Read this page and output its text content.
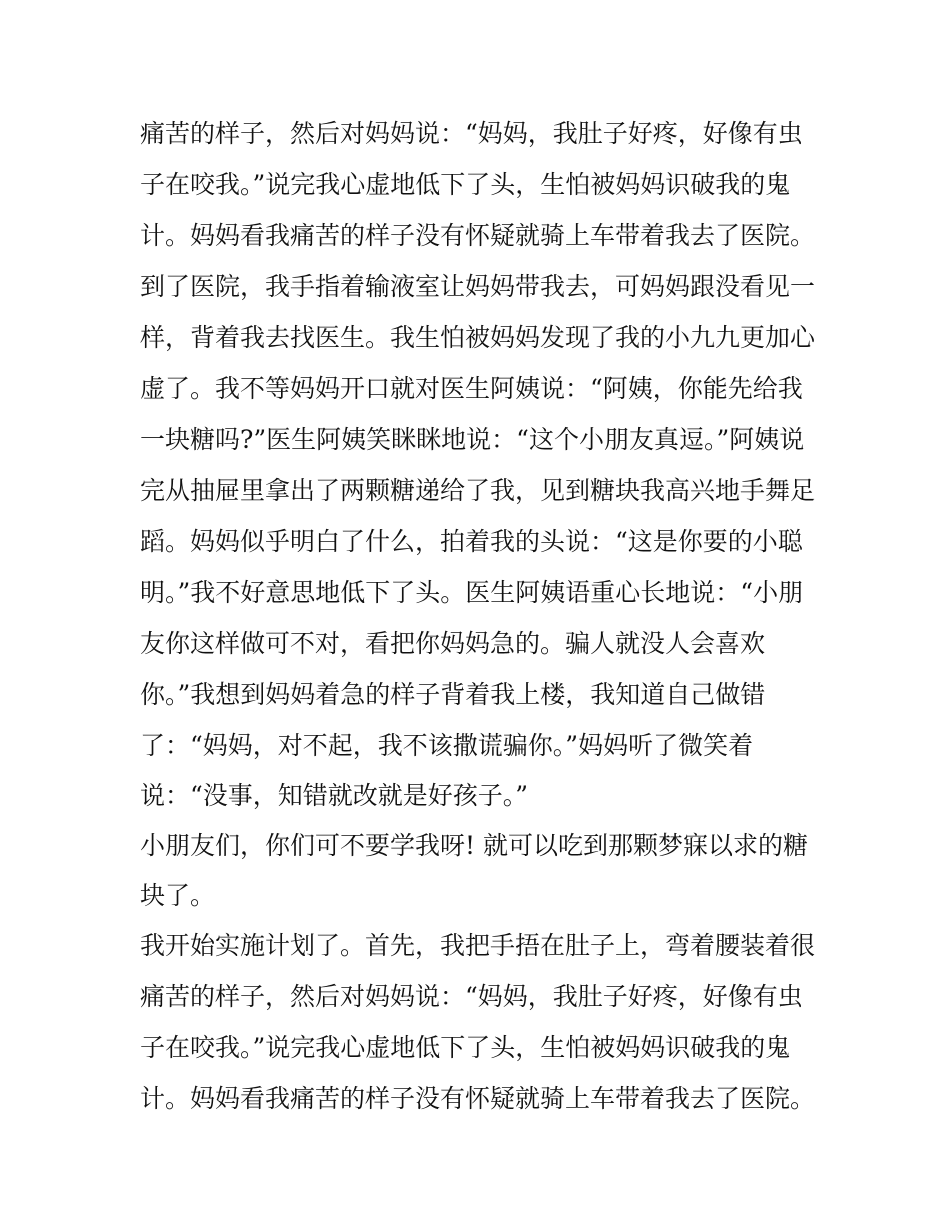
痛苦的样子，然后对妈妈说：“妈妈，我肚子好疼，好像有虫
子在咬我。”说完我心虚地低下了头，生怕被妈妈识破我的鬼
计。妈妈看我痛苦的样子没有怀疑就骑上车带着我去了医院。
到了医院，我手指着输液室让妈妈带我去，可妈妈跟没看见一
样，背着我去找医生。我生怕被妈妈发现了我的小九九更加心
虚了。我不等妈妈开口就对医生阿姨说：“阿姨，你能先给我
一块糖吗?”医生阿姨笑眯眯地说：“这个小朋友真逗。”阿姨说
完从抽屉里拿出了两颗糖递给了我，见到糖块我高兴地手舞足
蹈。妈妈似乎明白了什么，拍着我的头说：“这是你要的小聪
明。”我不好意思地低下了头。医生阿姨语重心长地说：“小朋
友你这样做可不对，看把你妈妈急的。骗人就没人会喜欢
你。”我想到妈妈着急的样子背着我上楼，我知道自己做错
了：“妈妈，对不起，我不该撒谎骗你。”妈妈听了微笑着
说：“没事，知错就改就是好孩子。”
小朋友们，你们可不要学我呀! 就可以吃到那颗梦寐以求的糖
块了。
我开始实施计划了。首先，我把手捂在肚子上，弯着腰装着很
痛苦的样子，然后对妈妈说：“妈妈，我肚子好疼，好像有虫
子在咬我。”说完我心虚地低下了头，生怕被妈妈识破我的鬼
计。妈妈看我痛苦的样子没有怀疑就骑上车带着我去了医院。
